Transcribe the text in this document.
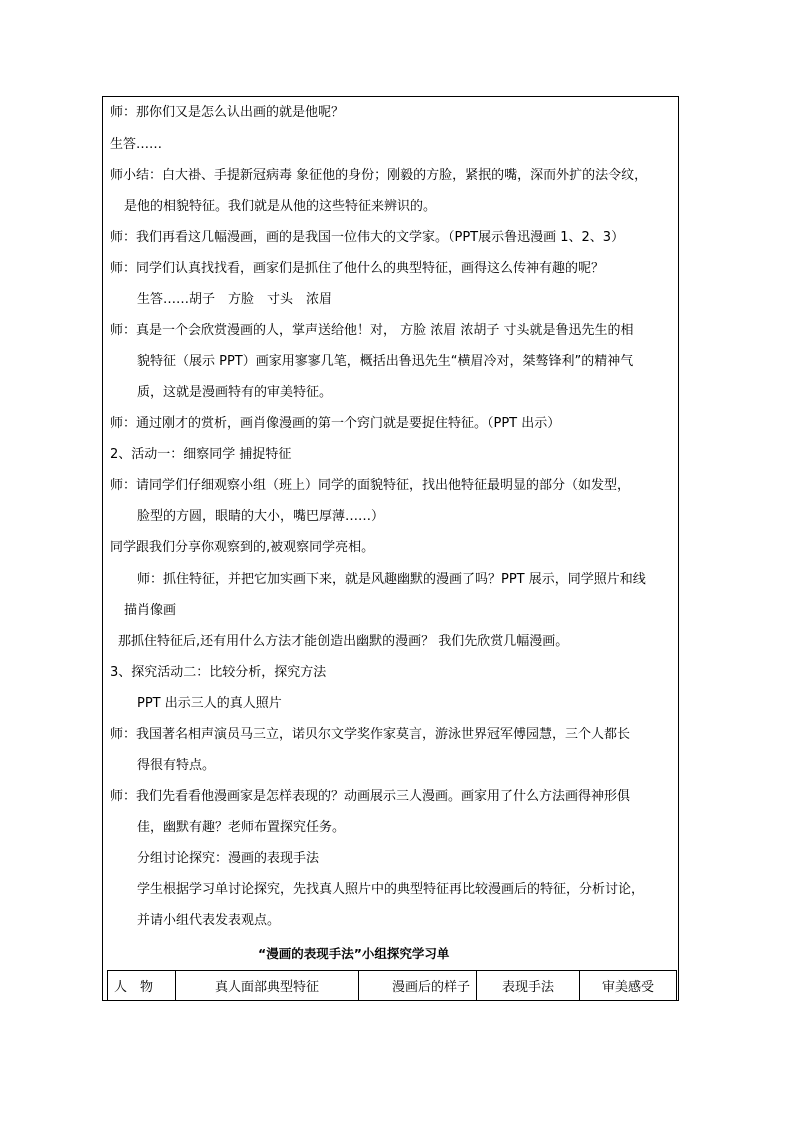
师：那你们又是怎么认出画的就是他呢？
生答……
师小结：白大褂、手提新冠病毒 象征他的身份；刚毅的方脸，紧抿的嘴，深而外扩的法令纹，
是他的相貌特征。我们就是从他的这些特征来辨识的。
师：我们再看这几幅漫画，画的是我国一位伟大的文学家。（PPT展示鲁迅漫画 1、2、3）
师：同学们认真找找看，画家们是抓住了他什么的典型特征，画得这么传神有趣的呢？
生答……胡子　方脸　寸头　浓眉
师：真是一个会欣赏漫画的人，掌声送给他！对， 方脸 浓眉 浓胡子 寸头就是鲁迅先生的相
貌特征（展示 PPT）画家用寥寥几笔，概括出鲁迅先生“横眉冷对，桀骜锋利”的精神气
质，这就是漫画特有的审美特征。
师：通过刚才的赏析，画肖像漫画的第一个窍门就是要捉住特征。（PPT 出示）
2、活动一：细察同学 捕捉特征
师：请同学们仔细观察小组（班上）同学的面貌特征，找出他特征最明显的部分（如发型，
脸型的方圆，眼睛的大小，嘴巴厚薄……）
同学跟我们分享你观察到的,被观察同学亮相。
师：抓住特征，并把它加实画下来，就是风趣幽默的漫画了吗？PPT 展示，同学照片和线
描肖像画
那抓住特征后,还有用什么方法才能创造出幽默的漫画？ 我们先欣赏几幅漫画。
3、探究活动二：比较分析，探究方法
PPT 出示三人的真人照片
师：我国著名相声演员马三立，诺贝尔文学奖作家莫言，游泳世界冠军傅园慧，三个人都长
得很有特点。
师：我们先看看他漫画家是怎样表现的？动画展示三人漫画。画家用了什么方法画得神形俱
佳，幽默有趣？老师布置探究任务。
分组讨论探究：漫画的表现手法
学生根据学习单讨论探究，先找真人照片中的典型特征再比较漫画后的特征，分析讨论，
并请小组代表发表观点。
“漫画的表现手法”小组探究学习单
人　物	真人面部典型特征	漫画后的样子	表现手法	审美感受
